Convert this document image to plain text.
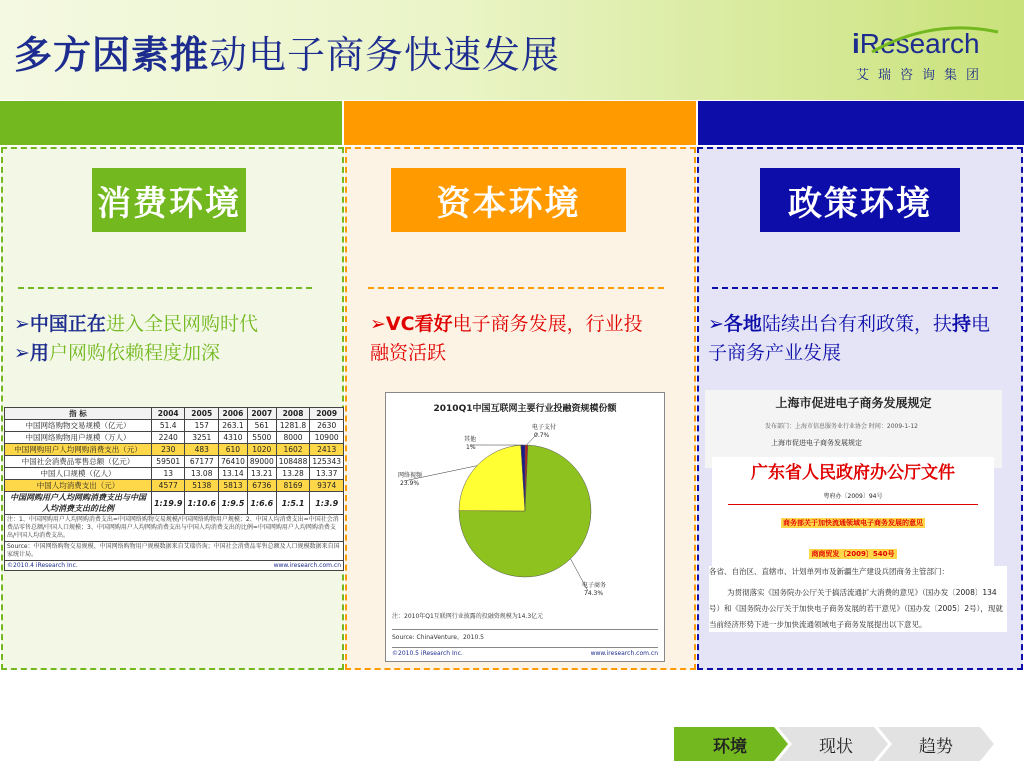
多方因素推动电子商务快速发展	iResearch
艾瑞咨询集团
消费环境	资本环境	政策环境
➢中国正在进入全民网购时代
➢用户网购依赖程度加深
➢VC看好电子商务发展，行业投融资活跃
➢各地陆续出台有利政策，扶持电子商务产业发展
指 标	2004	2005	2006	2007	2008	2009
中国网络购物交易规模（亿元）	51.4	157	263.1	561	1281.8	2630
中国网络购物用户规模（万人）	2240	3251	4310	5500	8000	10900
中国网购用户人均网购消费支出（元）	230	483	610	1020	1602	2413
中国社会消费品零售总额（亿元）	59501	67177	76410	89000	108488	125343
中国人口规模（亿人）	13	13.08	13.14	13.21	13.28	13.37
中国人均消费支出（元）	4577	5138	5813	6736	8169	9374
中国网购用户人均网购消费支出与中国人均消费支出的比例	1:19.9	1:10.6	1:9.5	1:6.6	1:5.1	1:3.9
注：1、中国网购用户人均网购消费支出=中国网络购物交易规模/中国网络购物用户规模；2、中国人均消费支出=中国社会消费品零售总额/中国人口规模；3、中国网购用户人均网购消费支出与中国人均消费支出的比例=中国网购用户人均网购消费支出/中国人均消费支出。
Source：中国网络购物交易规模、中国网络购物用户规模数据来自艾瑞咨询；中国社会消费品零售总额及人口规模数据来自国家统计局。
©2010.4 iResearch Inc.	www.iresearch.com.cn
2010Q1中国互联网主要行业投融资规模份额
电子支付
0.7%
电子商务
74.3%
网络视频
23.9%
其他
1%
注：2010年Q1互联网行业披露的投融资规模为14.3亿元
Source: ChinaVenture，2010.5
©2010.5 iResearch Inc.	www.iresearch.com.cn
上海市促进电子商务发展规定
发布部门：上海市信息服务业行业协会 时间：2009-1-12
上海市促进电子商务发展规定
广东省人民政府办公厅文件
粤府办〔2009〕94号
商务部关于加快流通领域电子商务发展的意见
商商贸发〔2009〕540号
各省、自治区、直辖市、计划单列市及新疆生产建设兵团商务主管部门：
为贯彻落实《国务院办公厅关于搞活流通扩大消费的意见》（国办发〔2008〕134号）和《国务院办公厅关于加快电子商务发展的若干意见》（国办发〔2005〕2号），现就当前经济形势下进一步加快流通领域电子商务发展提出以下意见。
环境	现状	趋势
